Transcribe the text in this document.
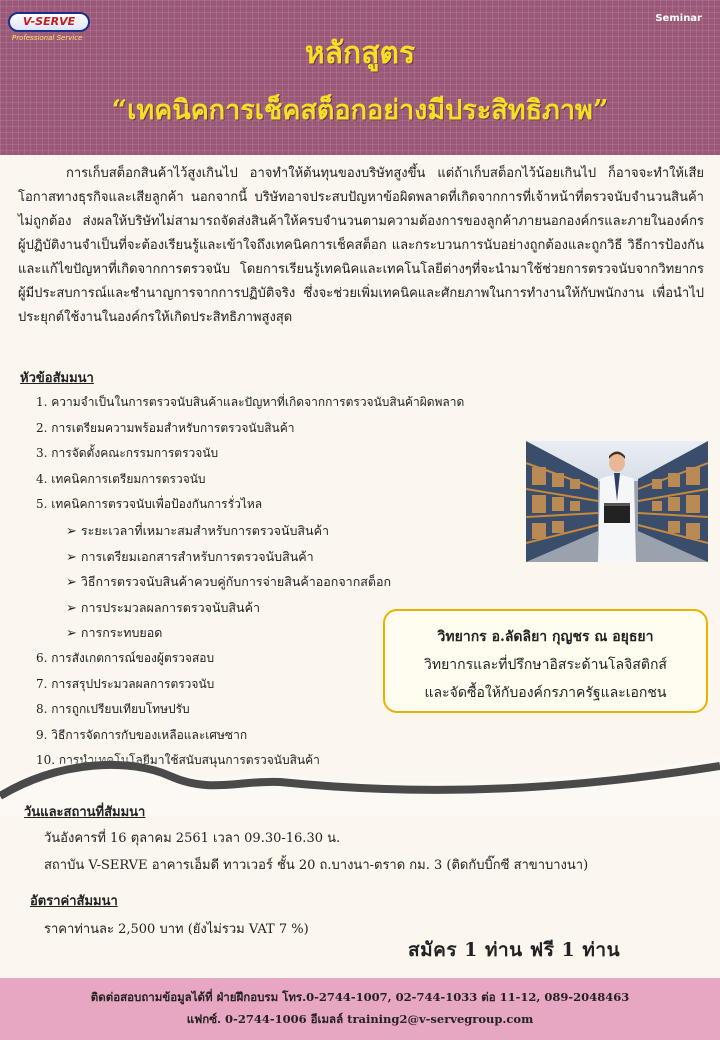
V-SERVE
Professional Service
Seminar
หลักสูตร
“เทคนิคการเช็คสต็อกอย่างมีประสิทธิภาพ”

การเก็บสต็อกสินค้าไว้สูงเกินไป อาจทำให้ต้นทุนของบริษัทสูงขึ้น แต่ถ้าเก็บสต็อกไว้น้อยเกินไป ก็อาจจะทำให้เสียโอกาสทางธุรกิจและเสียลูกค้า นอกจากนี้ บริษัทอาจประสบปัญหาข้อผิดพลาดที่เกิดจากการที่เจ้าหน้าที่ตรวจนับจำนวนสินค้าไม่ถูกต้อง ส่งผลให้บริษัทไม่สามารถจัดส่งสินค้าให้ครบจำนวนตามความต้องการของลูกค้าภายนอกองค์กรและภายในองค์กร ผู้ปฏิบัติงานจำเป็นที่จะต้องเรียนรู้และเข้าใจถึงเทคนิคการเช็คสต็อก และกระบวนการนับอย่างถูกต้องและถูกวิธี วิธีการป้องกันและแก้ไขปัญหาที่เกิดจากการตรวจนับ โดยการเรียนรู้เทคนิคและเทคโนโลยีต่างๆที่จะนำมาใช้ช่วยการตรวจนับจากวิทยากรผู้มีประสบการณ์และชำนาญการจากการปฏิบัติจริง ซึ่งจะช่วยเพิ่มเทคนิคและศักยภาพในการทำงานให้กับพนักงาน เพื่อนำไปประยุกต์ใช้งานในองค์กรให้เกิดประสิทธิภาพสูงสุด

หัวข้อสัมมนา
1. ความจำเป็นในการตรวจนับสินค้าและปัญหาที่เกิดจากการตรวจนับสินค้าผิดพลาด
2. การเตรียมความพร้อมสำหรับการตรวจนับสินค้า
3. การจัดตั้งคณะกรรมการตรวจนับ
4. เทคนิคการเตรียมการตรวจนับ
5. เทคนิคการตรวจนับเพื่อป้องกันการรั่วไหล
➢ ระยะเวลาที่เหมาะสมสำหรับการตรวจนับสินค้า
➢ การเตรียมเอกสารสำหรับการตรวจนับสินค้า
➢ วิธีการตรวจนับสินค้าควบคู่กับการจ่ายสินค้าออกจากสต็อก
➢ การประมวลผลการตรวจนับสินค้า
➢ การกระทบยอด
6. การสังเกตการณ์ของผู้ตรวจสอบ
7. การสรุปประมวลผลการตรวจนับ
8. การถูกเปรียบเทียบโทษปรับ
9. วิธีการจัดการกับของเหลือและเศษซาก
10. การนำเทคโนโลยีมาใช้สนับสนุนการตรวจนับสินค้า
วิทยากร อ.ลัดลิยา กุญชร ณ อยุธยา
วิทยากรและที่ปรึกษาอิสระด้านโลจิสติกส์
และจัดซื้อให้กับองค์กรภาครัฐและเอกชน
วันและสถานที่สัมมนา
วันอังคารที่ 16 ตุลาคม 2561 เวลา 09.30-16.30 น.
สถาบัน V-SERVE อาคารเอ็มดี ทาวเวอร์ ชั้น 20 ถ.บางนา-ตราด กม. 3 (ติดกับบิ๊กซี สาขาบางนา)
อัตราค่าสัมมนา
ราคาท่านละ 2,500 บาท (ยังไม่รวม VAT 7 %)
สมัคร 1 ท่าน ฟรี 1 ท่าน
ติดต่อสอบถามข้อมูลได้ที่ ฝ่ายฝึกอบรม โทร.0-2744-1007, 02-744-1033 ต่อ 11-12, 089-2048463
แฟกซ์. 0-2744-1006 อีเมลล์ training2@v-servegroup.com
